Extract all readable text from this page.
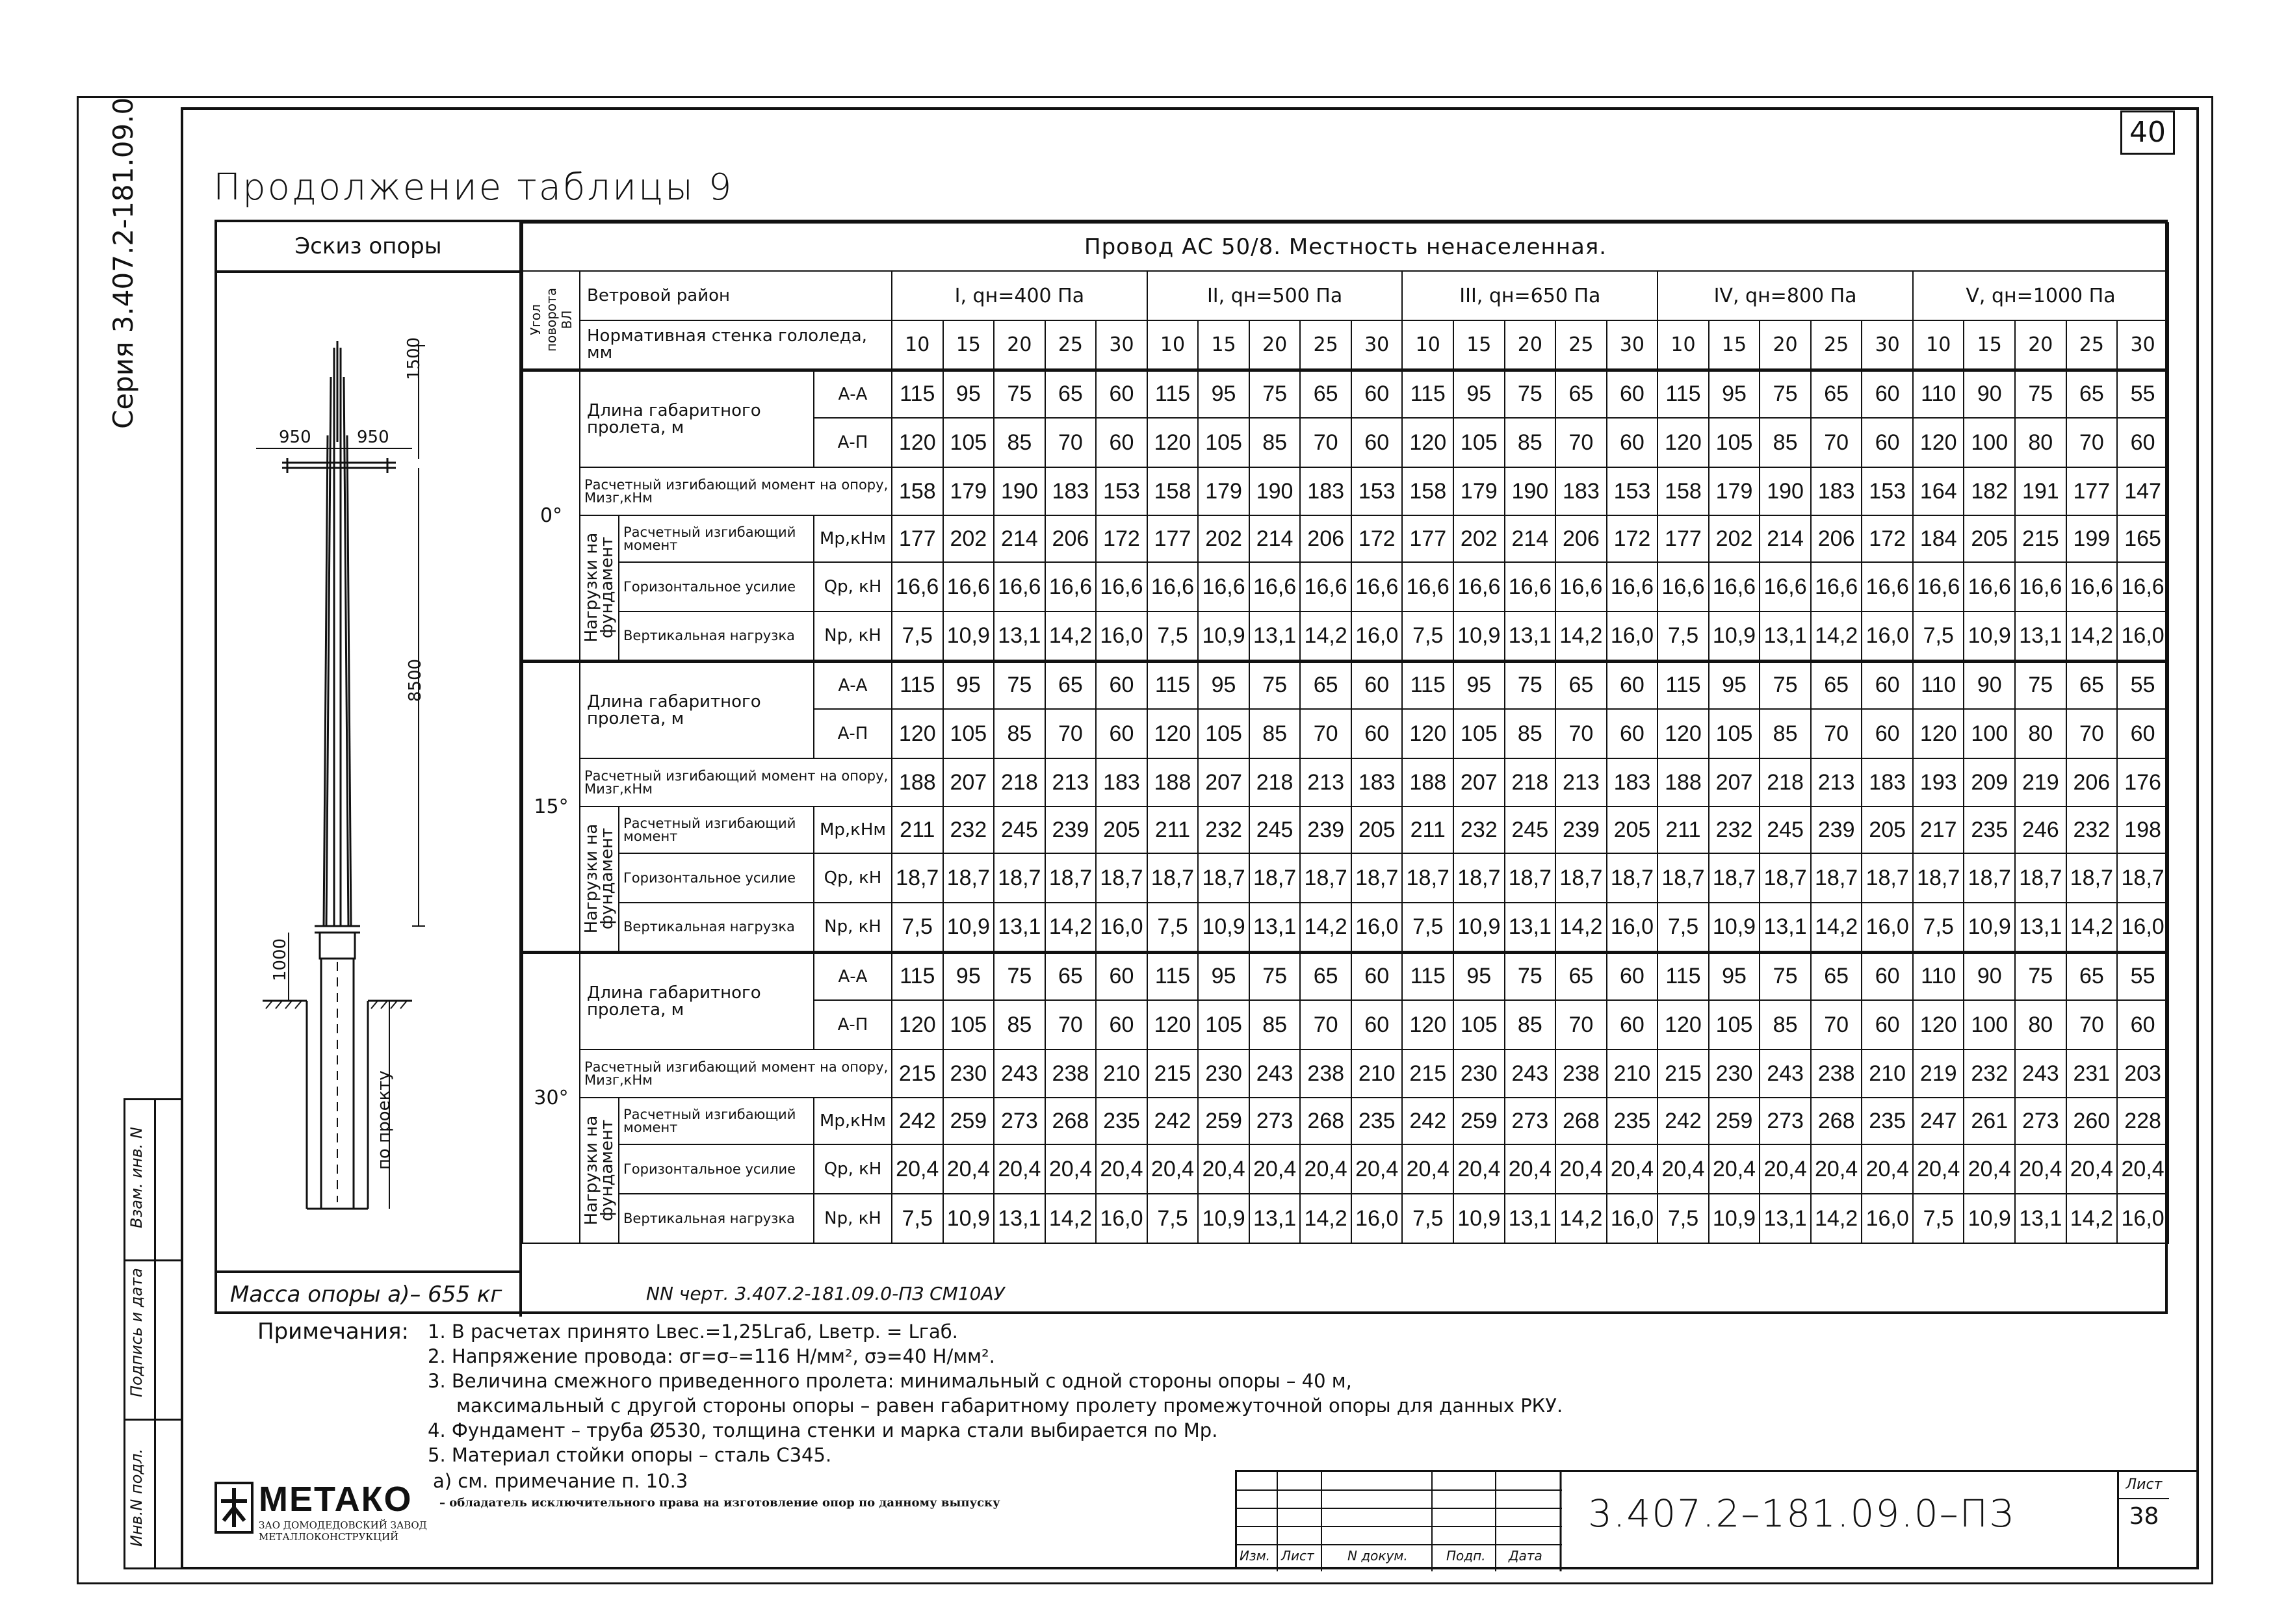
40
Серия 3.407.2-181.09.0
Взам. инв. N
Подпись и дата
Инв.N подл.
Продолжение таблицы 9
Эскиз опоры
1500
950	950
8500
1000
по проекту
Масса опоры а)– 655 кг	NN черт. 3.407.2-181.09.0-ПЗ СМ10АУ
Провод АС 50/8. Местность ненаселенная.																												

Угол поворота ВЛ	Ветровой район			I, qн=400 Па					II, qн=500 Па					III, qн=650 Па					IV, qн=800 Па					V, qн=1000 Па				
	Нормативная стенка гололеда, мм			10	15	20	25	30	10	15	20	25	30	10	15	20	25	30	10	15	20	25	30	10	15	20	25	30
0°	Длина габаритного пролета, м		А-А	115	95	75	65	60	115	95	75	65	60	115	95	75	65	60	115	95	75	65	60	110	90	75	65	55
			А-П	120	105	85	70	60	120	105	85	70	60	120	105	85	70	60	120	105	85	70	60	120	100	80	70	60
	Расчетный изгибающий момент на опору, Mизг,кНм			158	179	190	183	153	158	179	190	183	153	158	179	190	183	153	158	179	190	183	153	164	182	191	177	147

	Нагрузки на фундамент	Расчетный изгибающий момент	Mр,кНм	177	202	214	206	172	177	202	214	206	172	177	202	214	206	172	177	202	214	206	172	184	205	215	199	165
		Горизонтальное усилие	Qр, кН	16,6	16,6	16,6	16,6	16,6	16,6	16,6	16,6	16,6	16,6	16,6	16,6	16,6	16,6	16,6	16,6	16,6	16,6	16,6	16,6	16,6	16,6	16,6	16,6	16,6
		Вертикальная нагрузка	Nр, кН	7,5	10,9	13,1	14,2	16,0	7,5	10,9	13,1	14,2	16,0	7,5	10,9	13,1	14,2	16,0	7,5	10,9	13,1	14,2	16,0	7,5	10,9	13,1	14,2	16,0
15°	Длина габаритного пролета, м		А-А	115	95	75	65	60	115	95	75	65	60	115	95	75	65	60	115	95	75	65	60	110	90	75	65	55
			А-П	120	105	85	70	60	120	105	85	70	60	120	105	85	70	60	120	105	85	70	60	120	100	80	70	60
	Расчетный изгибающий момент на опору, Mизг,кНм			188	207	218	213	183	188	207	218	213	183	188	207	218	213	183	188	207	218	213	183	193	209	219	206	176

	Нагрузки на фундамент	Расчетный изгибающий момент	Mр,кНм	211	232	245	239	205	211	232	245	239	205	211	232	245	239	205	211	232	245	239	205	217	235	246	232	198
		Горизонтальное усилие	Qр, кН	18,7	18,7	18,7	18,7	18,7	18,7	18,7	18,7	18,7	18,7	18,7	18,7	18,7	18,7	18,7	18,7	18,7	18,7	18,7	18,7	18,7	18,7	18,7	18,7	18,7
		Вертикальная нагрузка	Nр, кН	7,5	10,9	13,1	14,2	16,0	7,5	10,9	13,1	14,2	16,0	7,5	10,9	13,1	14,2	16,0	7,5	10,9	13,1	14,2	16,0	7,5	10,9	13,1	14,2	16,0
30°	Длина габаритного пролета, м		А-А	115	95	75	65	60	115	95	75	65	60	115	95	75	65	60	115	95	75	65	60	110	90	75	65	55
			А-П	120	105	85	70	60	120	105	85	70	60	120	105	85	70	60	120	105	85	70	60	120	100	80	70	60
	Расчетный изгибающий момент на опору, Mизг,кНм			215	230	243	238	210	215	230	243	238	210	215	230	243	238	210	215	230	243	238	210	219	232	243	231	203

	Нагрузки на фундамент	Расчетный изгибающий момент	Mр,кНм	242	259	273	268	235	242	259	273	268	235	242	259	273	268	235	242	259	273	268	235	247	261	273	260	228
		Горизонтальное усилие	Qр, кН	20,4	20,4	20,4	20,4	20,4	20,4	20,4	20,4	20,4	20,4	20,4	20,4	20,4	20,4	20,4	20,4	20,4	20,4	20,4	20,4	20,4	20,4	20,4	20,4	20,4
		Вертикальная нагрузка	Nр, кН	7,5	10,9	13,1	14,2	16,0	7,5	10,9	13,1	14,2	16,0	7,5	10,9	13,1	14,2	16,0	7,5	10,9	13,1	14,2	16,0	7,5	10,9	13,1	14,2	16,0
Примечания: 1. В расчетах принято Lвес.=1,25Lгаб, Lветр. = Lгаб.
2. Напряжение провода: σг=σ–=116 Н/мм², σэ=40 Н/мм².
3. Величина смежного приведенного пролета: минимальный с одной стороны опоры – 40 м,
максимальный с другой стороны опоры – равен габаритному пролету промежуточной опоры для данных РКУ.
4. Фундамент – труба Ø530, толщина стенки и марка стали выбирается по Mр.
5. Материал стойки опоры – сталь С345.
а) см. примечание п. 10.3
МЕТАКО
ЗАО ДОМОДЕДОВСКИЙ ЗАВОД
МЕТАЛЛОКОНСТРУКЦИЙ
– обладатель исключительного права на изготовление опор по данному выпуску
Изм. Лист	N докум.	Подп. Дата
3.407.2–181.09.0–ПЗ
Лист
38
